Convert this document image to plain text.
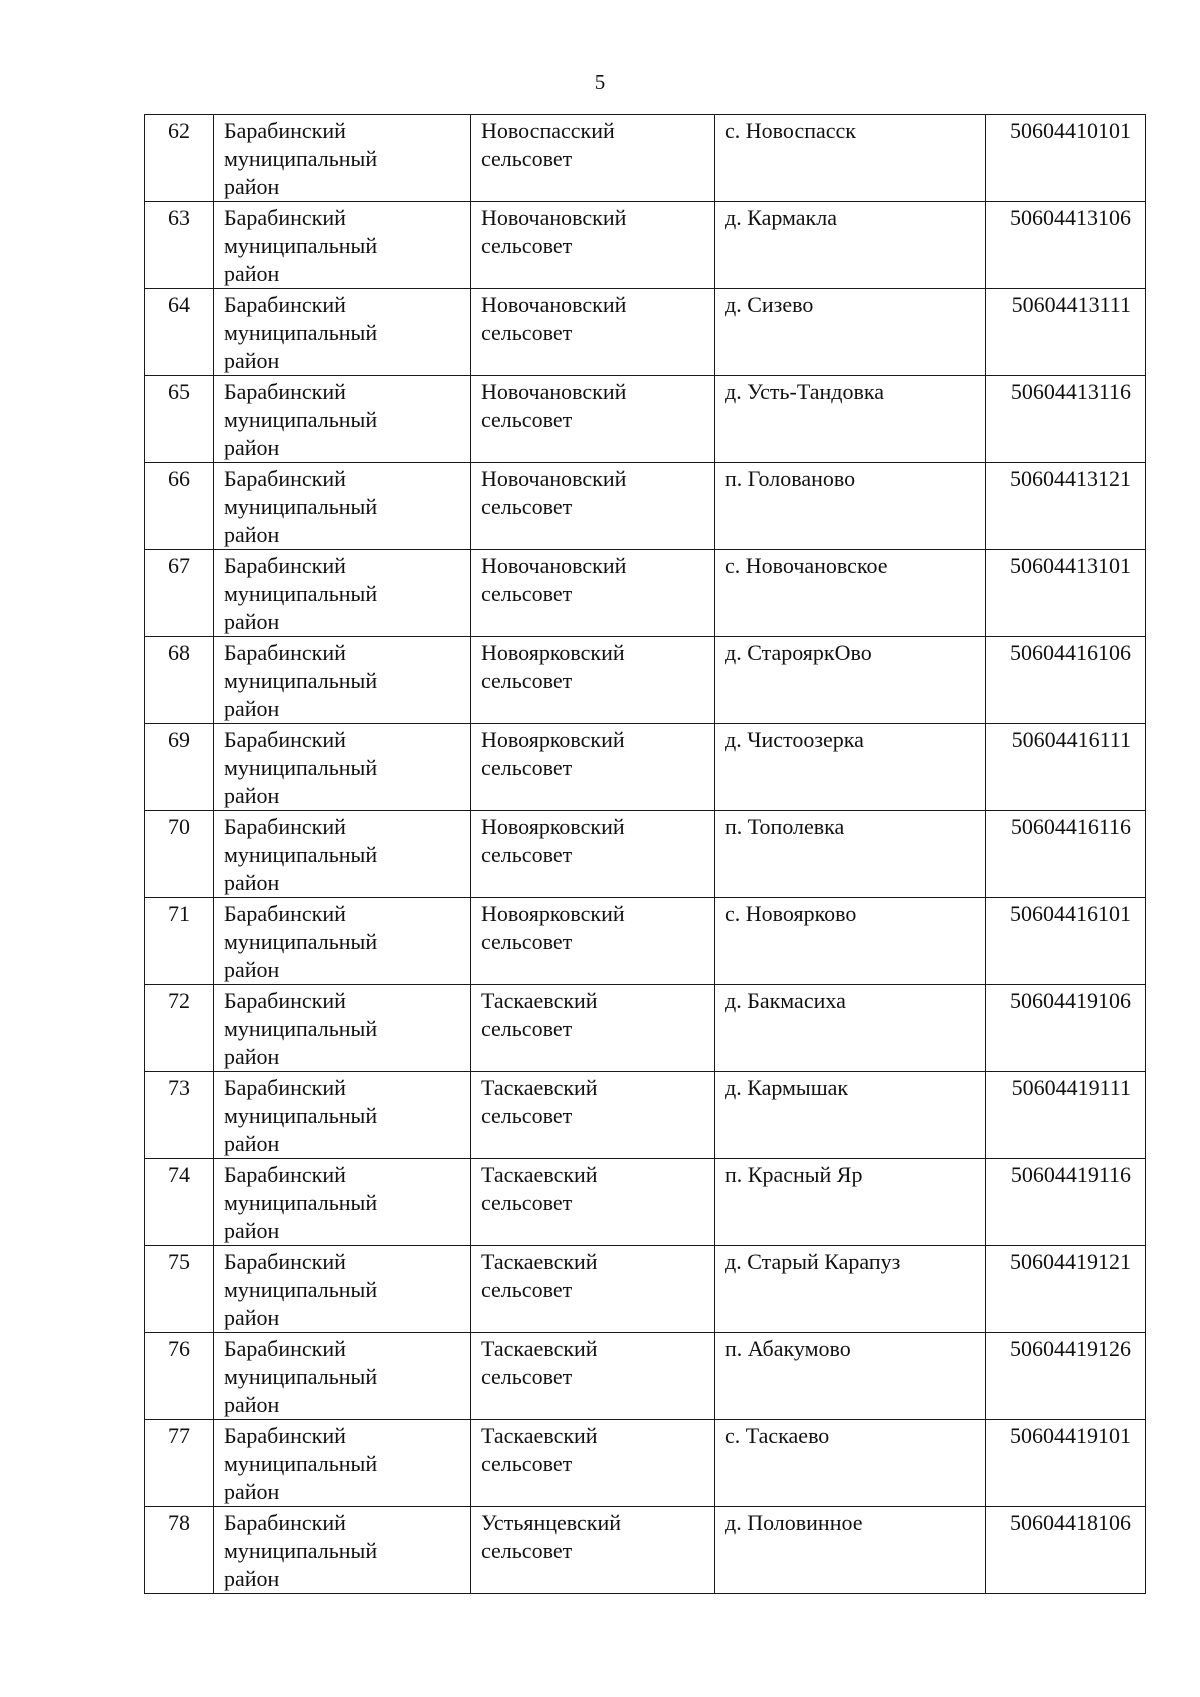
5
62	Барабинский
муниципальный
район	Новоспасский
сельсовет	с. Новоспасск	50604410101

63	Барабинский
муниципальный
район	Новочановский
сельсовет	д. Кармакла	50604413106

64	Барабинский
муниципальный
район	Новочановский
сельсовет	д. Сизево	50604413111

65	Барабинский
муниципальный
район	Новочановский
сельсовет	д. Усть-Тандовка	50604413116

66	Барабинский
муниципальный
район	Новочановский
сельсовет	п. Голованово	50604413121

67	Барабинский
муниципальный
район	Новочановский
сельсовет	с. Новочановское	50604413101

68	Барабинский
муниципальный
район	Новоярковский
сельсовет	д. СтарояркOво	50604416106

69	Барабинский
муниципальный
район	Новоярковский
сельсовет	д. Чистоозерка	50604416111

70	Барабинский
муниципальный
район	Новоярковский
сельсовет	п. Тополевка	50604416116

71	Барабинский
муниципальный
район	Новоярковский
сельсовет	с. Новоярково	50604416101

72	Барабинский
муниципальный
район	Таскаевский
сельсовет	д. Бакмасиха	50604419106

73	Барабинский
муниципальный
район	Таскаевский
сельсовет	д. Кармышак	50604419111

74	Барабинский
муниципальный
район	Таскаевский
сельсовет	п. Красный Яр	50604419116

75	Барабинский
муниципальный
район	Таскаевский
сельсовет	д. Старый Карапуз	50604419121

76	Барабинский
муниципальный
район	Таскаевский
сельсовет	п. Абакумово	50604419126

77	Барабинский
муниципальный
район	Таскаевский
сельсовет	с. Таскаево	50604419101

78	Барабинский
муниципальный
район	Устьянцевский
сельсовет	д. Половинное	50604418106
